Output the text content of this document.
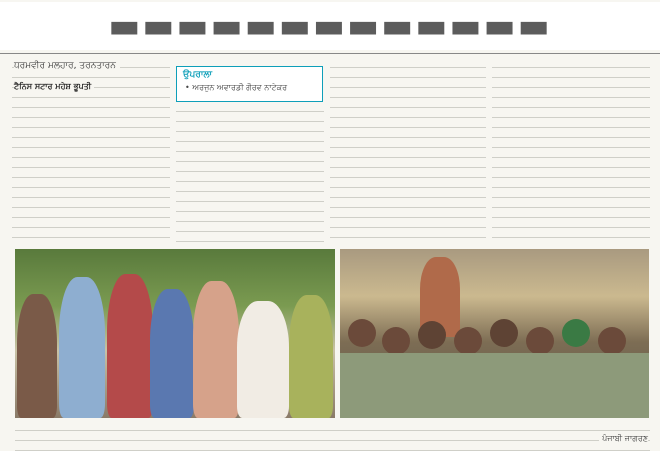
▬▬▬▬▬▬▬▬▬▬▬▬▬
ਧਰਮਵੀਰ ਮਲਹਾਰ, ਤਰਨਤਾਰਨ
ਟੈਨਿਸ ਸਟਾਰ ਮਹੇਸ਼ ਭੂਪਤੀ
ਉਪਰਾਲਾ
• ਅਰਜੁਨ ਅਵਾਰਡੀ ਗੌਰਵ ਨਾਟੇਕਰ
ਪੰਜਾਬੀ ਜਾਗਰਣ
